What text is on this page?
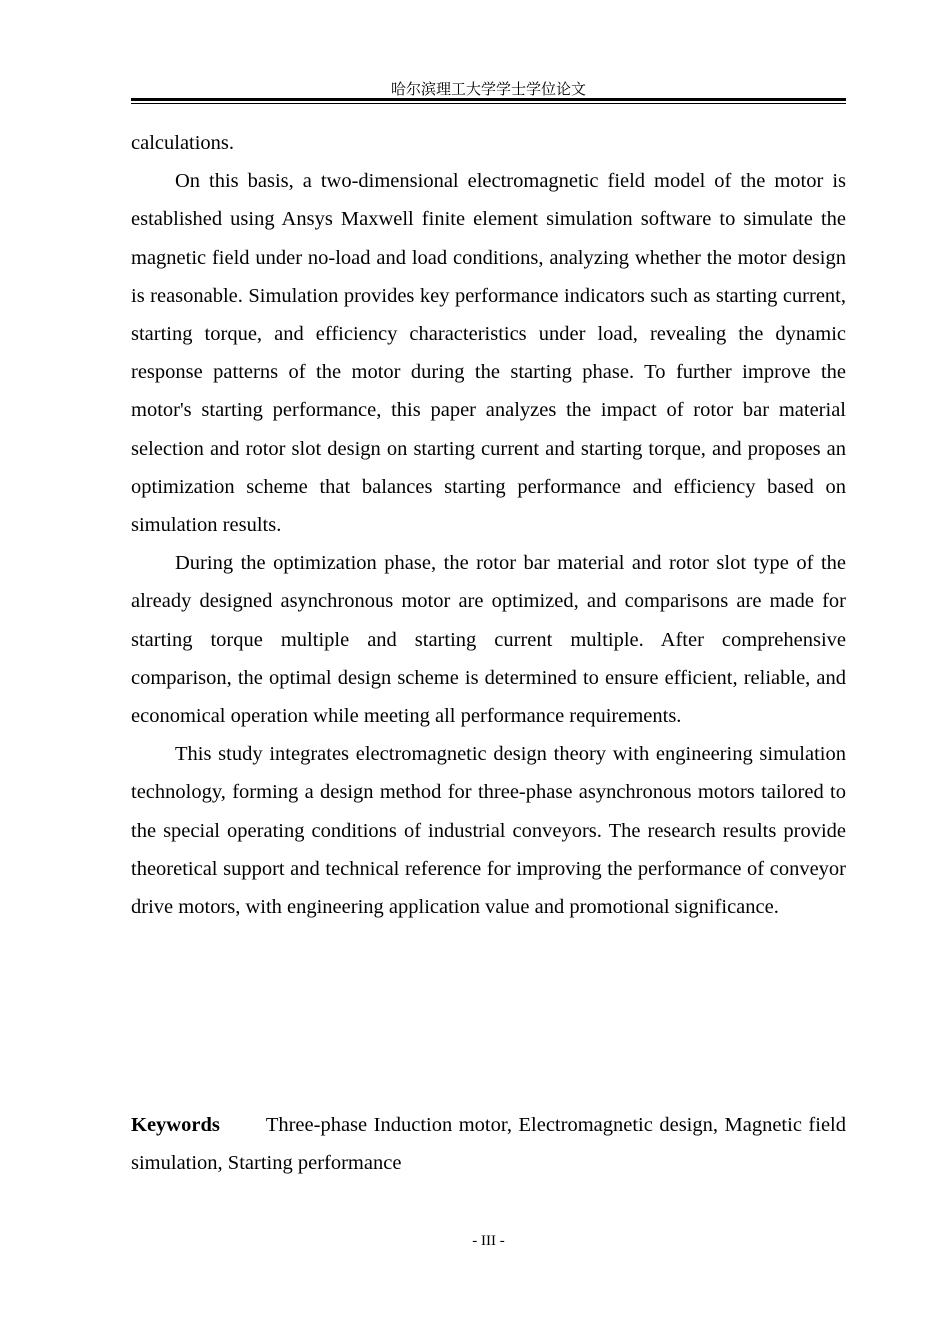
哈尔滨理工大学学士学位论文

calculations.

On this basis, a two-dimensional electromagnetic field model of the motor is established using Ansys Maxwell finite element simulation software to simulate the magnetic field under no-load and load conditions, analyzing whether the motor design is reasonable. Simulation provides key performance indicators such as starting current, starting torque, and efficiency characteristics under load, revealing the dynamic response patterns of the motor during the starting phase. To further improve the motor's starting performance, this paper analyzes the impact of rotor bar material selection and rotor slot design on starting current and starting torque, and proposes an optimization scheme that balances starting performance and efficiency based on simulation results.

During the optimization phase, the rotor bar material and rotor slot type of the already designed asynchronous motor are optimized, and comparisons are made for starting torque multiple and starting current multiple. After comprehensive comparison, the optimal design scheme is determined to ensure efficient, reliable, and economical operation while meeting all performance requirements.

This study integrates electromagnetic design theory with engineering simulation technology, forming a design method for three-phase asynchronous motors tailored to the special operating conditions of industrial conveyors. The research results provide theoretical support and technical reference for improving the performance of conveyor drive motors, with engineering application value and promotional significance.

Keywords Three-phase Induction motor, Electromagnetic design, Magnetic field simulation, Starting performance

- III -
